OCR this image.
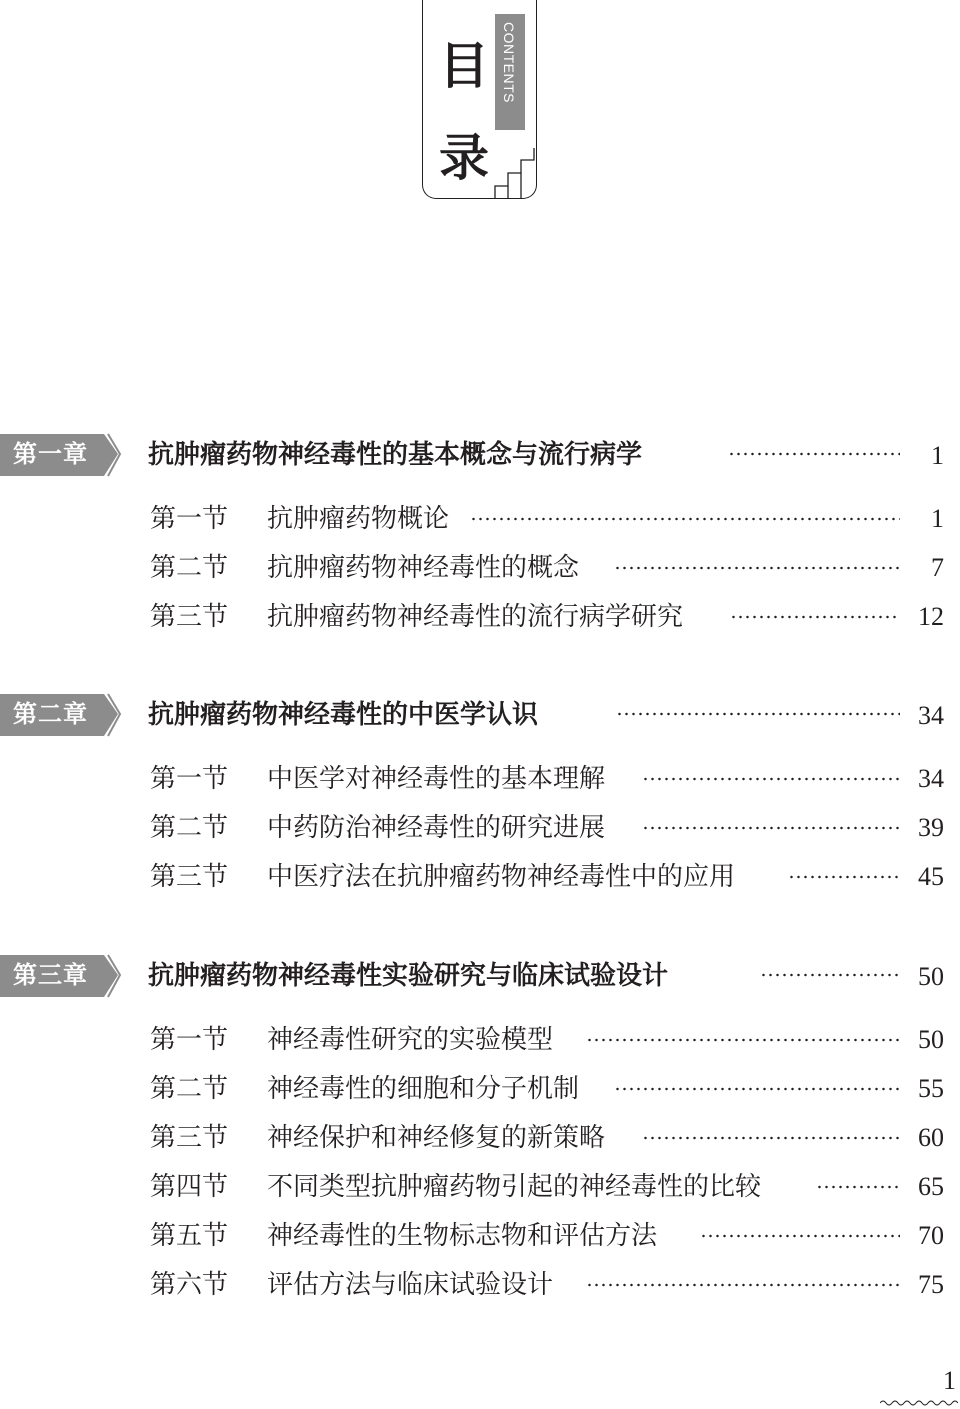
目
录
CONTENTS
第一章	抗肿瘤药物神经毒性的基本概念与流行病学	1
第一节 抗肿瘤药物概论	1
第二节 抗肿瘤药物神经毒性的概念	7
第三节 抗肿瘤药物神经毒性的流行病学研究	12
第二章	抗肿瘤药物神经毒性的中医学认识	34
第一节 中医学对神经毒性的基本理解	34
第二节 中药防治神经毒性的研究进展	39
第三节 中医疗法在抗肿瘤药物神经毒性中的应用	45
第三章	抗肿瘤药物神经毒性实验研究与临床试验设计	50
第一节 神经毒性研究的实验模型	50
第二节 神经毒性的细胞和分子机制	55
第三节 神经保护和神经修复的新策略	60
第四节 不同类型抗肿瘤药物引起的神经毒性的比较	65
第五节 神经毒性的生物标志物和评估方法	70
第六节 评估方法与临床试验设计	75
1
